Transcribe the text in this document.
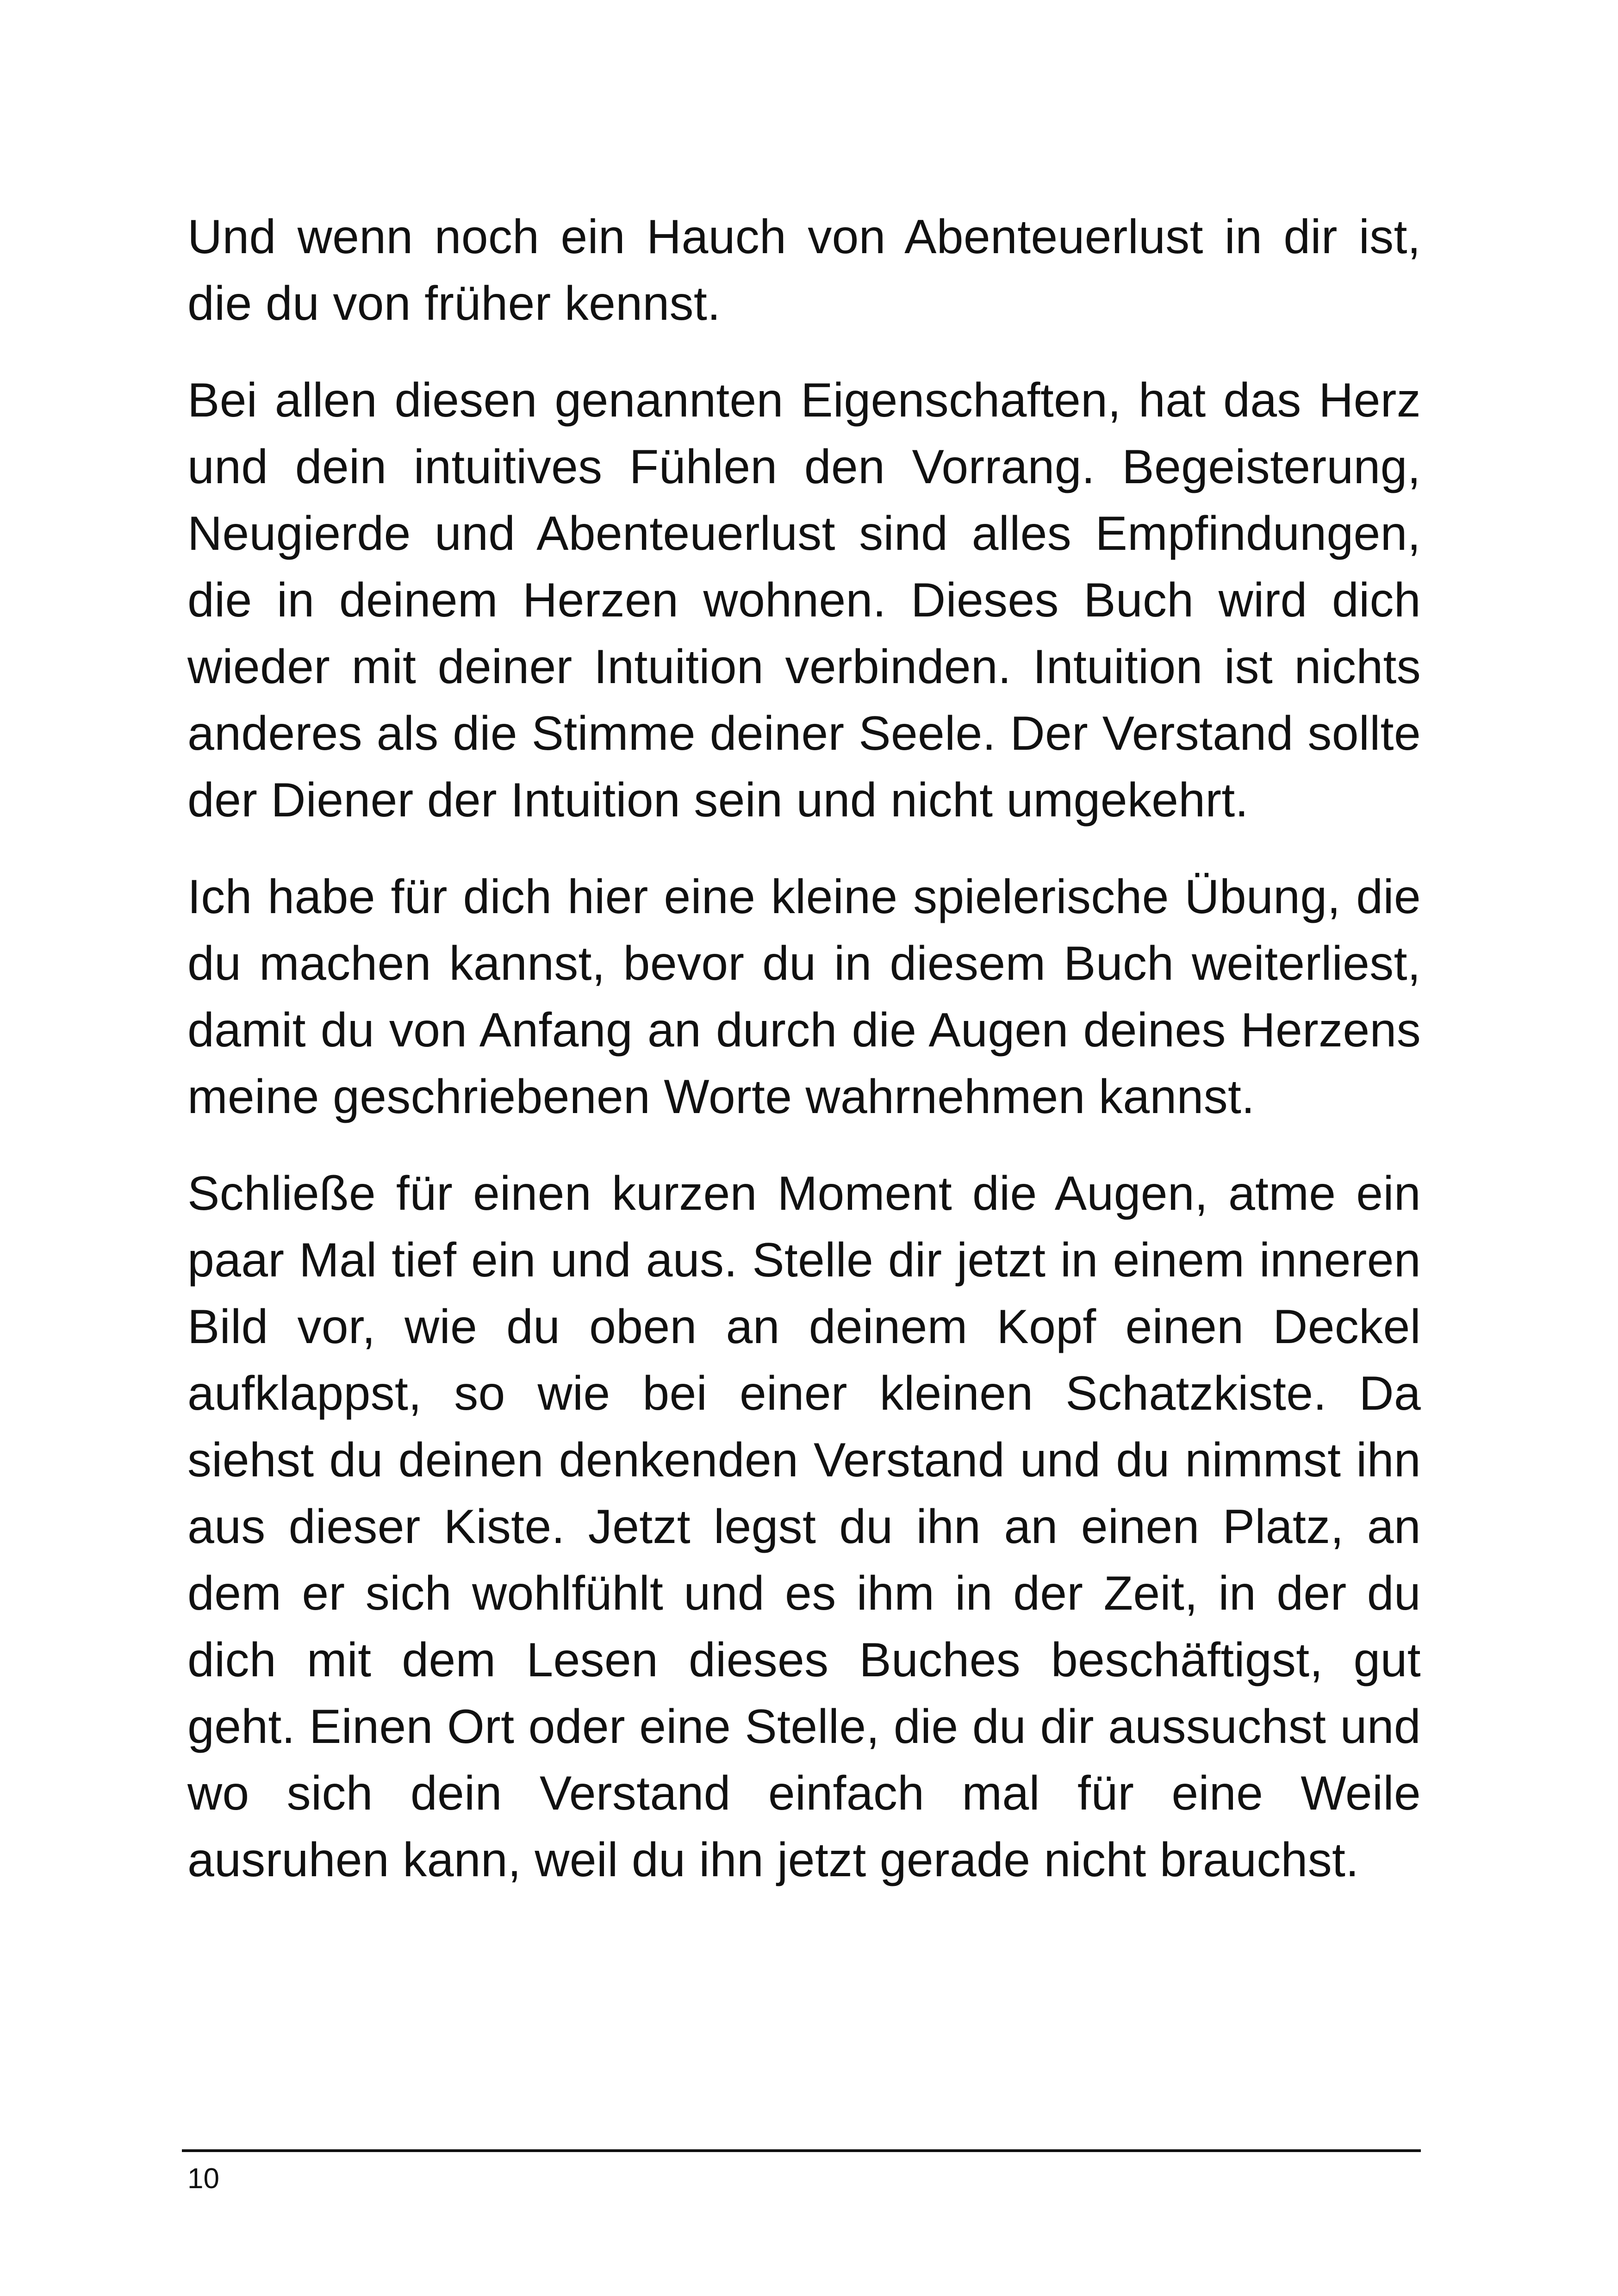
Und wenn noch ein Hauch von Abenteuerlust in dir ist, die du von früher kennst.

Bei allen diesen genannten Eigenschaften, hat das Herz und dein intuitives Fühlen den Vorrang. Begeisterung, Neugierde und Abenteuerlust sind alles Empfindungen, die in deinem Herzen wohnen. Dieses Buch wird dich wieder mit deiner Intuition verbinden. Intuition ist nichts anderes als die Stimme deiner Seele. Der Verstand sollte der Diener der Intuition sein und nicht umgekehrt.

Ich habe für dich hier eine kleine spielerische Übung, die du machen kannst, bevor du in diesem Buch weiterliest, damit du von Anfang an durch die Augen deines Herzens meine geschriebenen Worte wahrnehmen kannst.

Schließe für einen kurzen Moment die Augen, atme ein paar Mal tief ein und aus. Stelle dir jetzt in einem inneren Bild vor, wie du oben an deinem Kopf einen Deckel aufklappst, so wie bei einer kleinen Schatzkiste. Da siehst du deinen denkenden Verstand und du nimmst ihn aus dieser Kiste. Jetzt legst du ihn an einen Platz, an dem er sich wohlfühlt und es ihm in der Zeit, in der du dich mit dem Lesen dieses Buches beschäftigst, gut geht. Einen Ort oder eine Stelle, die du dir aussuchst und wo sich dein Verstand einfach mal für eine Weile ausruhen kann, weil du ihn jetzt gerade nicht brauchst.

10
